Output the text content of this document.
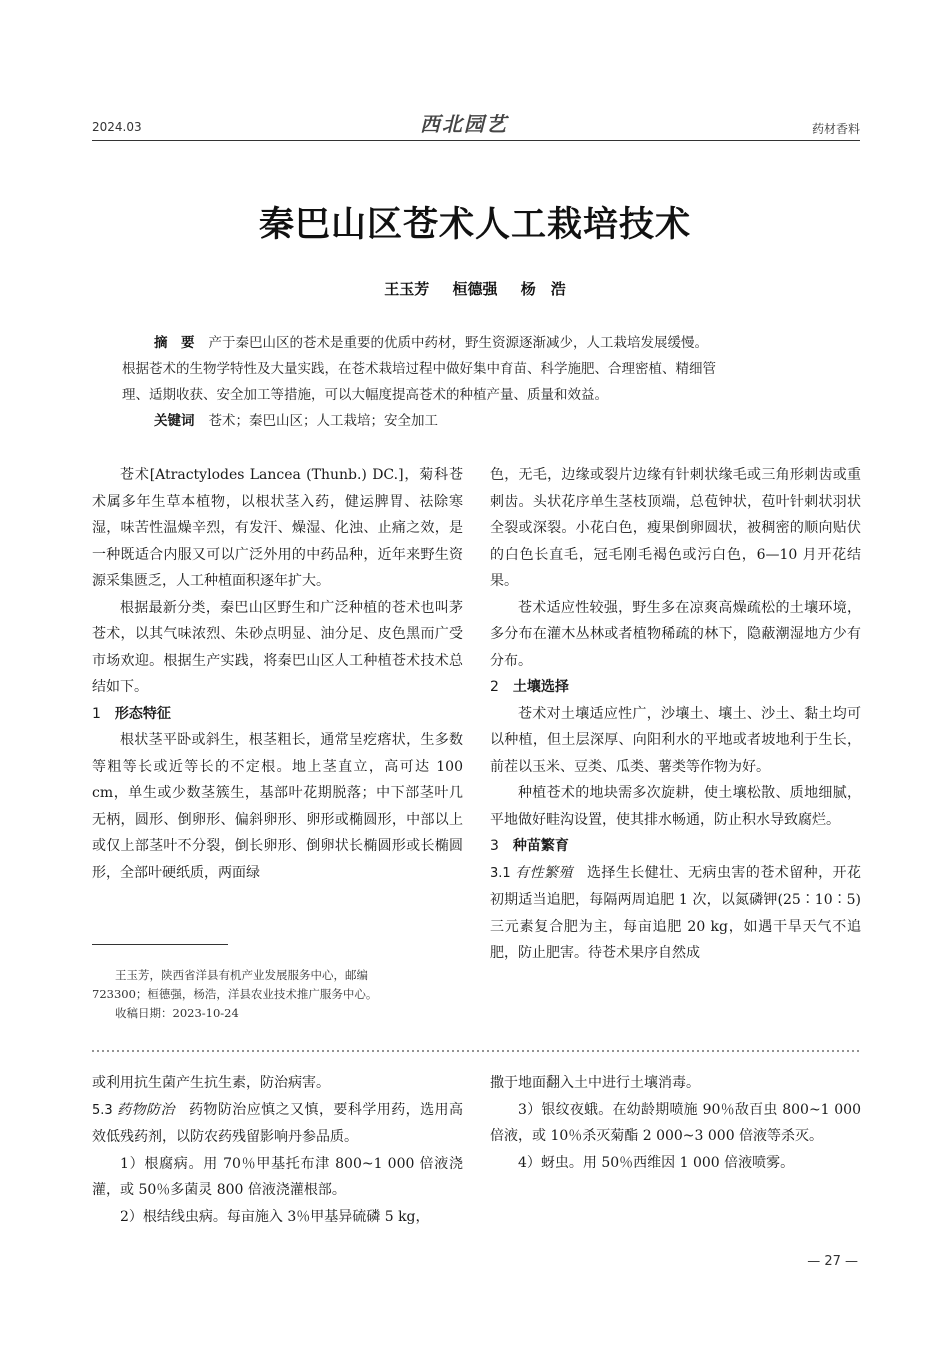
2024.03	西北园艺	药材香料
秦巴山区苍术人工栽培技术
王玉芳 桓德强 杨　浩
摘　要 产于秦巴山区的苍术是重要的优质中药材，野生资源逐渐减少，人工栽培发展缓慢。
根据苍术的生物学特性及大量实践，在苍术栽培过程中做好集中育苗、科学施肥、合理密植、精细管
理、适期收获、安全加工等措施，可以大幅度提高苍术的种植产量、质量和效益。
关键词 苍术；秦巴山区；人工栽培；安全加工

苍术[Atractylodes Lancea (Thunb.) DC.]，菊科苍术属多年生草本植物，以根状茎入药，健运脾胃、祛除寒湿，味苦性温燥辛烈，有发汗、燥湿、化浊、止痛之效，是一种既适合内服又可以广泛外用的中药品种，近年来野生资源采集匮乏，人工种植面积逐年扩大。

根据最新分类，秦巴山区野生和广泛种植的苍术也叫茅苍术，以其气味浓烈、朱砂点明显、油分足、皮色黑而广受市场欢迎。根据生产实践，将秦巴山区人工种植苍术技术总结如下。

1 形态特征

根状茎平卧或斜生，根茎粗长，通常呈疙瘩状，生多数等粗等长或近等长的不定根。地上茎直立，高可达 100 cm，单生或少数茎簇生，基部叶花期脱落；中下部茎叶几无柄，圆形、倒卵形、偏斜卵形、卵形或椭圆形，中部以上或仅上部茎叶不分裂，倒长卵形、倒卵状长椭圆形或长椭圆形，全部叶硬纸质，两面绿

色，无毛，边缘或裂片边缘有针刺状缘毛或三角形刺齿或重刺齿。头状花序单生茎枝顶端，总苞钟状，苞叶针刺状羽状全裂或深裂。小花白色，瘦果倒卵圆状，被稠密的顺向贴伏的白色长直毛，冠毛刚毛褐色或污白色，6—10 月开花结果。

苍术适应性较强，野生多在凉爽高燥疏松的土壤环境，多分布在灌木丛林或者植物稀疏的林下，隐蔽潮湿地方少有分布。

2 土壤选择

苍术对土壤适应性广，沙壤土、壤土、沙土、黏土均可以种植，但土层深厚、向阳利水的平地或者坡地利于生长，前茬以玉米、豆类、瓜类、薯类等作物为好。

种植苍术的地块需多次旋耕，使土壤松散、质地细腻，平地做好畦沟设置，使其排水畅通，防止积水导致腐烂。

3 种苗繁育

3.1 有性繁殖 选择生长健壮、无病虫害的苍术留种，开花初期适当追肥，每隔两周追肥 1 次，以氮磷钾(25∶10∶5)三元素复合肥为主，每亩追肥 20 kg，如遇干旱天气不追肥，防止肥害。待苍术果序自然成

王玉芳，陕西省洋县有机产业发展服务中心，邮编
723300；桓德强，杨浩，洋县农业技术推广服务中心。
收稿日期：2023-10-24

或利用抗生菌产生抗生素，防治病害。

5.3 药物防治 药物防治应慎之又慎，要科学用药，选用高效低残药剂，以防农药残留影响丹参品质。

1）根腐病。用 70％甲基托布津 800~1 000 倍液浇灌，或 50％多菌灵 800 倍液浇灌根部。

2）根结线虫病。每亩施入 3％甲基异硫磷 5 kg，

撒于地面翻入土中进行土壤消毒。

3）银纹夜蛾。在幼龄期喷施 90％敌百虫 800~1 000 倍液，或 10％杀灭菊酯 2 000~3 000 倍液等杀灭。

4）蚜虫。用 50％西维因 1 000 倍液喷雾。

— 27 —
